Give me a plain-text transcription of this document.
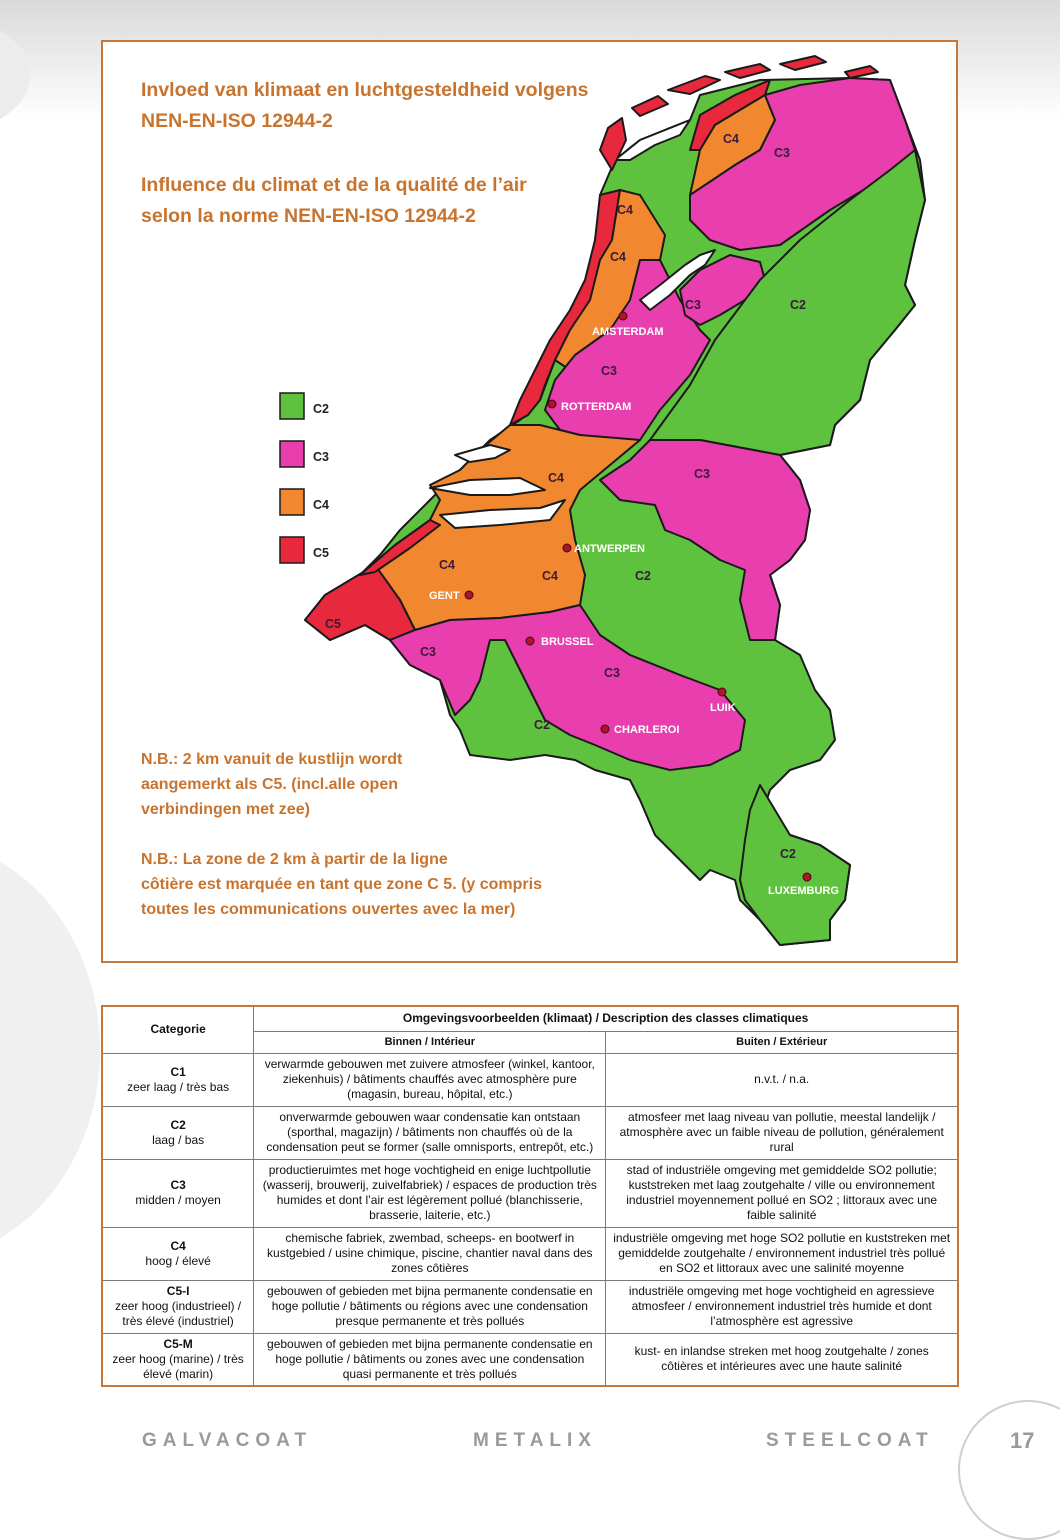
Invloed van klimaat en luchtgesteldheid volgens
NEN-EN-ISO 12944-2
Influence du climat et de la qualité de l’air
selon la norme NEN-EN-ISO 12944-2
C2
C3
C4
C5
C4
C3
C4
C4
C3	C2
C3
C4	C3
C4
C4	C2
C5
C3
C3
C2
C2
AMSTERDAM
ROTTERDAM
ANTWERPEN
GENT
BRUSSEL
LUIK
CHARLEROI
LUXEMBURG
N.B.: 2 km vanuit de kustlijn wordt
aangemerkt als C5. (incl.alle open
verbindingen met zee)
N.B.: La zone de 2 km à partir de la ligne
côtière est marquée en tant que zone C 5. (y compris
toutes les communications ouvertes avec la mer)
Categorie	Omgevingsvoorbeelden (klimaat) / Description des classes climatiques	
	Binnen / Intérieur	Buiten / Extérieur

C1
zeer laag / très bas	verwarmde gebouwen met zuivere atmosfeer (winkel, kantoor, ziekenhuis) / bâtiments chauffés avec atmosphère pure (magasin, bureau, hôpital, etc.)	n.v.t. / n.a.

C2
laag / bas	onverwarmde gebouwen waar condensatie kan ontstaan (sporthal, magazijn) / bâtiments non chauffés où de la condensation peut se former (salle omnisports, entrepôt, etc.)	atmosfeer met laag niveau van pollutie, meestal landelijk / atmosphère avec un faible niveau de pollution, généralement rural

C3
midden / moyen	productieruimtes met hoge vochtigheid en enige luchtpollutie (wasserij, brouwerij, zuivelfabriek) / espaces de production très humides et dont l’air est légèrement pollué (blanchisserie, brasserie, laiterie, etc.)	stad of industriële omgeving met gemiddelde SO2 pollutie; kuststreken met laag zoutgehalte / ville ou environnement industriel moyennement pollué en SO2 ; littoraux avec une faible salinité

C4
hoog / élevé	chemische fabriek, zwembad, scheeps- en bootwerf in kustgebied / usine chimique, piscine, chantier naval dans des zones côtières	industriële omgeving met hoge SO2 pollutie en kuststreken met gemiddelde zoutgehalte / environnement industriel très pollué en SO2 et littoraux avec une salinité moyenne

C5-I
zeer hoog (industrieel) / très élevé (industriel)	gebouwen of gebieden met bijna permanente condensatie en hoge pollutie / bâtiments ou régions avec une condensation presque permanente et très pollués	industriële omgeving met hoge vochtigheid en agressieve atmosfeer / environnement industriel très humide et dont l’atmosphère est agressive

C5-M
zeer hoog (marine) / très élevé (marin)	gebouwen of gebieden met bijna permanente condensatie en hoge pollutie / bâtiments ou zones avec une condensation quasi permanente et très pollués	kust- en inlandse streken met hoog zoutgehalte / zones côtières et intérieures avec une haute salinité
GALVACOAT	METALIX	STEELCOAT	17
